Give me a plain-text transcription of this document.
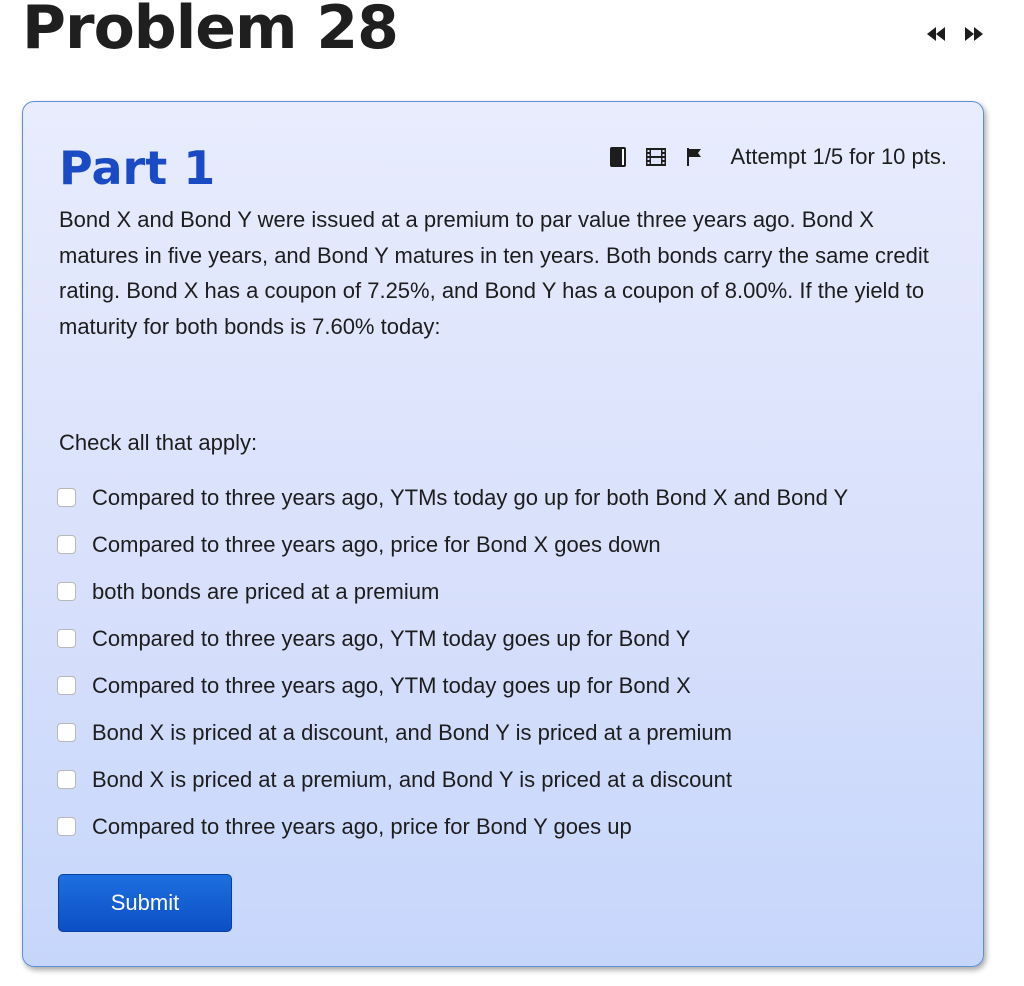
Problem 28
Part 1	Attempt 1/5 for 10 pts.

Bond X and Bond Y were issued at a premium to par value three years ago. Bond X matures in five years, and Bond Y matures in ten years. Both bonds carry the same credit rating. Bond X has a coupon of 7.25%, and Bond Y has a coupon of 8.00%. If the yield to maturity for both bonds is 7.60% today:

Check all that apply:
Compared to three years ago, YTMs today go up for both Bond X and Bond Y
Compared to three years ago, price for Bond X goes down
both bonds are priced at a premium
Compared to three years ago, YTM today goes up for Bond Y
Compared to three years ago, YTM today goes up for Bond X
Bond X is priced at a discount, and Bond Y is priced at a premium
Bond X is priced at a premium, and Bond Y is priced at a discount
Compared to three years ago, price for Bond Y goes up
Submit
